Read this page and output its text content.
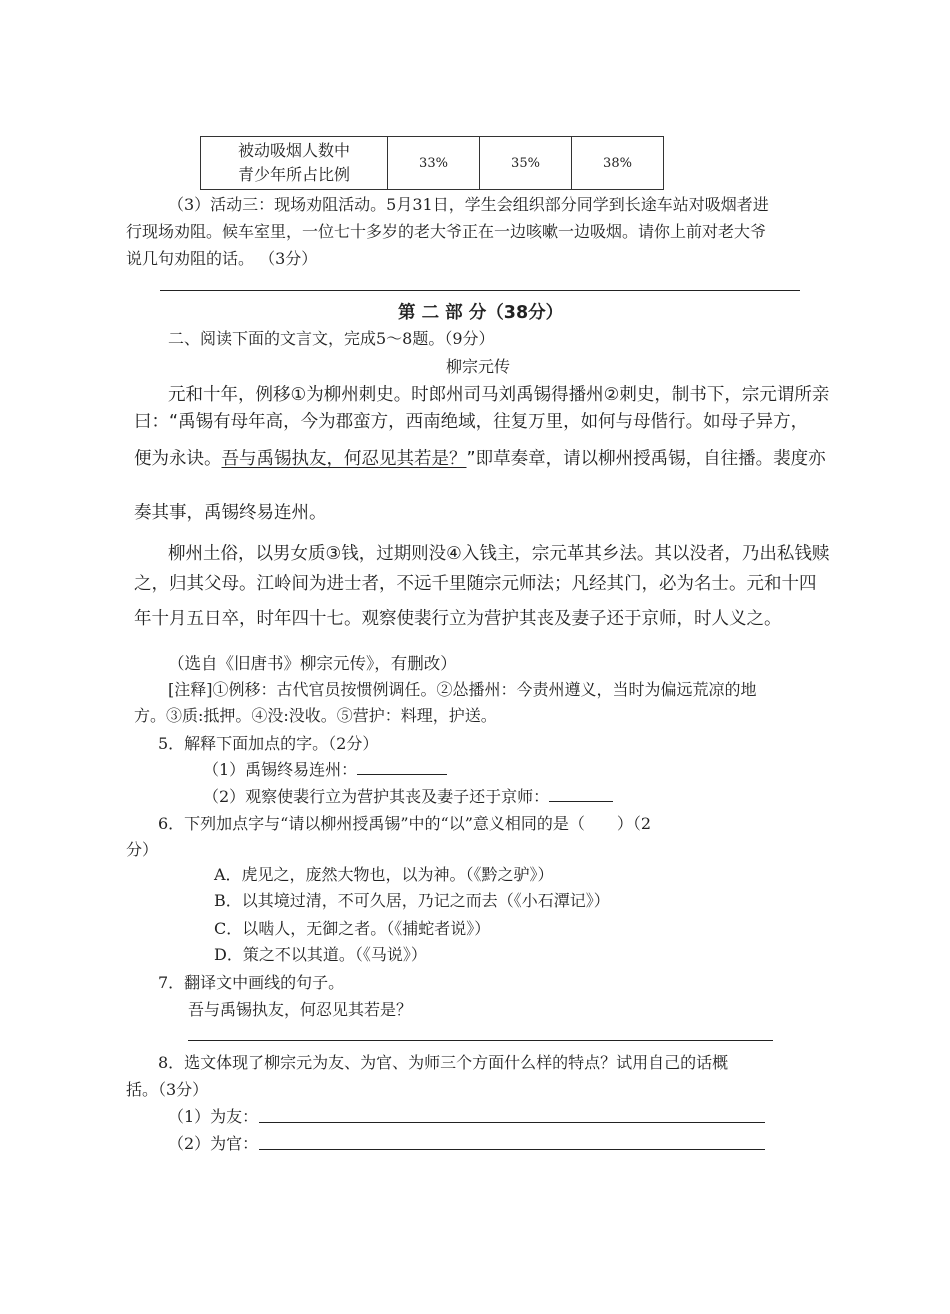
被动吸烟人数中
青少年所占比例
	33%	35%	38%
（3）活动三：现场劝阻活动。5月31日，学生会组织部分同学到长途车站对吸烟者进
行现场劝阻。候车室里，一位七十多岁的老大爷正在一边咳嗽一边吸烟。请你上前对老大爷
说几句劝阻的话。 （3分）
第 二 部 分（38分）
二、阅读下面的文言文，完成5～8题。（9分）
柳宗元传
元和十年，例移①为柳州刺史。时郎州司马刘禹锡得播州②刺史，制书下，宗元谓所亲
曰：“禹锡有母年高，今为郡蛮方，西南绝域，往复万里，如何与母偕行。如母子异方，
便为永诀。吾与禹锡执友，何忍见其若是？”即草奏章，请以柳州授禹锡，自往播。裴度亦
奏其事，禹锡终易连州。
柳州土俗，以男女质③钱，过期则没④入钱主，宗元革其乡法。其以没者，乃出私钱赎
之，归其父母。江岭间为进士者，不远千里随宗元师法；凡经其门，必为名士。元和十四
年十月五日卒，时年四十七。观察使裴行立为营护其丧及妻子还于京师，时人义之。
（选自《旧唐书》柳宗元传》，有删改）
[注释]①例移：古代官员按惯例调任。②怂播州：今责州遵义，当时为偏远荒凉的地
方。③质:抵押。④没:没收。⑤营护：料理，护送。
5．解释下面加点的字。（2分）
（1）禹锡终易连州：
（2）观察使裴行立为营护其丧及妻子还于京师：
6．下列加点字与“请以柳州授禹锡”中的“以”意义相同的是（　　）（2
分）
A．虎见之，庞然大物也，以为神。（《黔之驴》）
B．以其境过清，不可久居，乃记之而去（《小石潭记》）
C．以啮人，无御之者。（《捕蛇者说》）
D．策之不以其道。（《马说》）
7．翻译文中画线的句子。
吾与禹锡执友，何忍见其若是？
8．选文体现了柳宗元为友、为官、为师三个方面什么样的特点？试用自己的话概
括。（3分）
（1）为友：
（2）为官：
